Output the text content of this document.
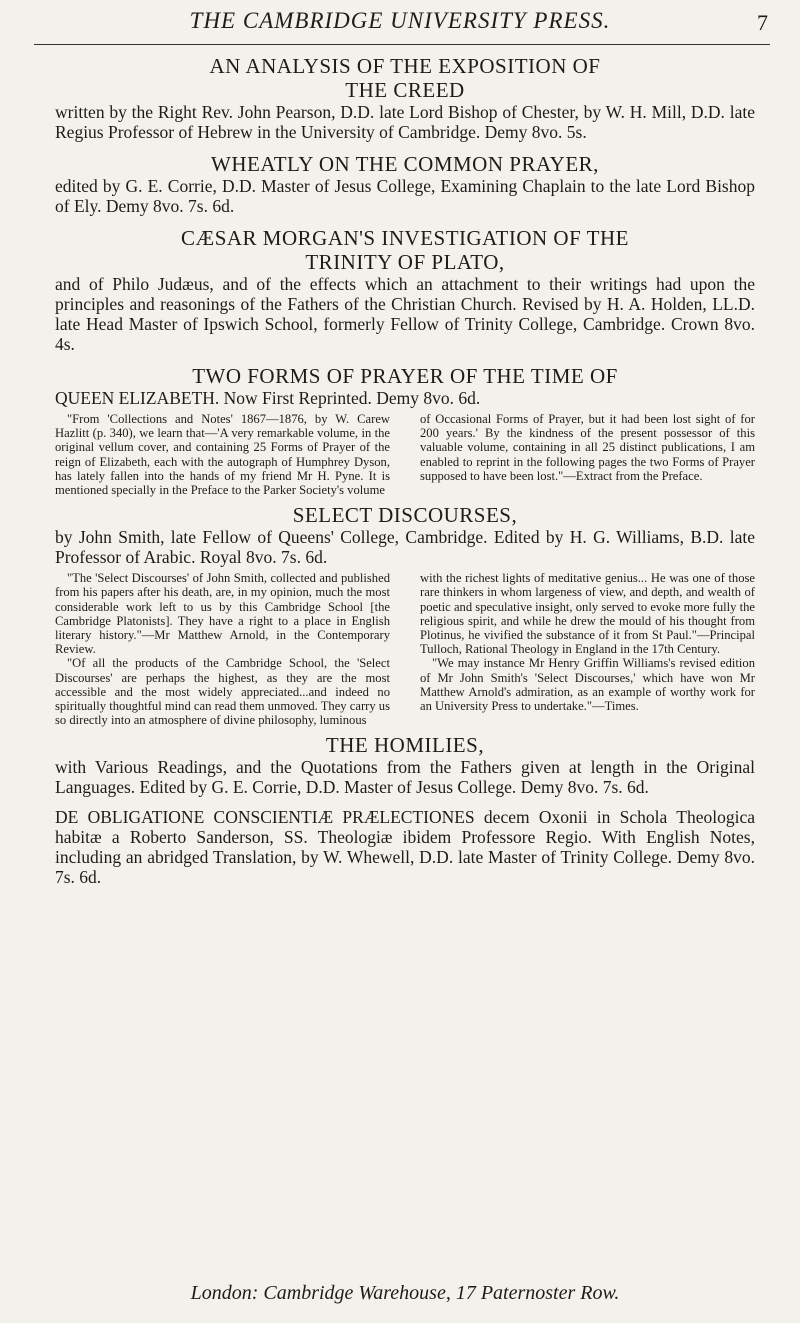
THE CAMBRIDGE UNIVERSITY PRESS.	7

AN ANALYSIS OF THE EXPOSITION OF

THE CREED

written by the Right Rev. John Pearson, D.D. late Lord Bishop of Chester, by W. H. Mill, D.D. late Regius Professor of Hebrew in the University of Cambridge. Demy 8vo. 5s.

WHEATLY ON THE COMMON PRAYER,

edited by G. E. Corrie, D.D. Master of Jesus College, Examining Chaplain to the late Lord Bishop of Ely. Demy 8vo. 7s. 6d.

CÆSAR MORGAN'S INVESTIGATION OF THE

TRINITY OF PLATO,

and of Philo Judæus, and of the effects which an attachment to their writings had upon the principles and reasonings of the Fathers of the Christian Church. Revised by H. A. Holden, LL.D. late Head Master of Ipswich School, formerly Fellow of Trinity College, Cambridge. Crown 8vo. 4s.

TWO FORMS OF PRAYER OF THE TIME OF

QUEEN ELIZABETH. Now First Reprinted. Demy 8vo. 6d.

"From 'Collections and Notes' 1867—1876, by W. Carew Hazlitt (p. 340), we learn that—'A very remarkable volume, in the original vellum cover, and containing 25 Forms of Prayer of the reign of Elizabeth, each with the autograph of Humphrey Dyson, has lately fallen into the hands of my friend Mr H. Pyne. It is mentioned specially in the Preface to the Parker Society's volume

of Occasional Forms of Prayer, but it had been lost sight of for 200 years.' By the kindness of the present possessor of this valuable volume, containing in all 25 distinct publications, I am enabled to reprint in the following pages the two Forms of Prayer supposed to have been lost."—Extract from the Preface.

SELECT DISCOURSES,

by John Smith, late Fellow of Queens' College, Cambridge. Edited by H. G. Williams, B.D. late Professor of Arabic. Royal 8vo. 7s. 6d.

"The 'Select Discourses' of John Smith, collected and published from his papers after his death, are, in my opinion, much the most considerable work left to us by this Cambridge School [the Cambridge Platonists]. They have a right to a place in English literary history."—Mr Matthew Arnold, in the Contemporary Review.

"Of all the products of the Cambridge School, the 'Select Discourses' are perhaps the highest, as they are the most accessible and the most widely appreciated...and indeed no spiritually thoughtful mind can read them unmoved. They carry us so directly into an atmosphere of divine philosophy, luminous

with the richest lights of meditative genius... He was one of those rare thinkers in whom largeness of view, and depth, and wealth of poetic and speculative insight, only served to evoke more fully the religious spirit, and while he drew the mould of his thought from Plotinus, he vivified the substance of it from St Paul."—Principal Tulloch, Rational Theology in England in the 17th Century.

"We may instance Mr Henry Griffin Williams's revised edition of Mr John Smith's 'Select Discourses,' which have won Mr Matthew Arnold's admiration, as an example of worthy work for an University Press to undertake."—Times.

THE HOMILIES,

with Various Readings, and the Quotations from the Fathers given at length in the Original Languages. Edited by G. E. Corrie, D.D. Master of Jesus College. Demy 8vo. 7s. 6d.

DE OBLIGATIONE CONSCIENTIÆ PRÆLECTIONES decem Oxonii in Schola Theologica habitæ a Roberto Sanderson, SS. Theologiæ ibidem Professore Regio. With English Notes, including an abridged Translation, by W. Whewell, D.D. late Master of Trinity College. Demy 8vo. 7s. 6d.

London: Cambridge Warehouse, 17 Paternoster Row.
